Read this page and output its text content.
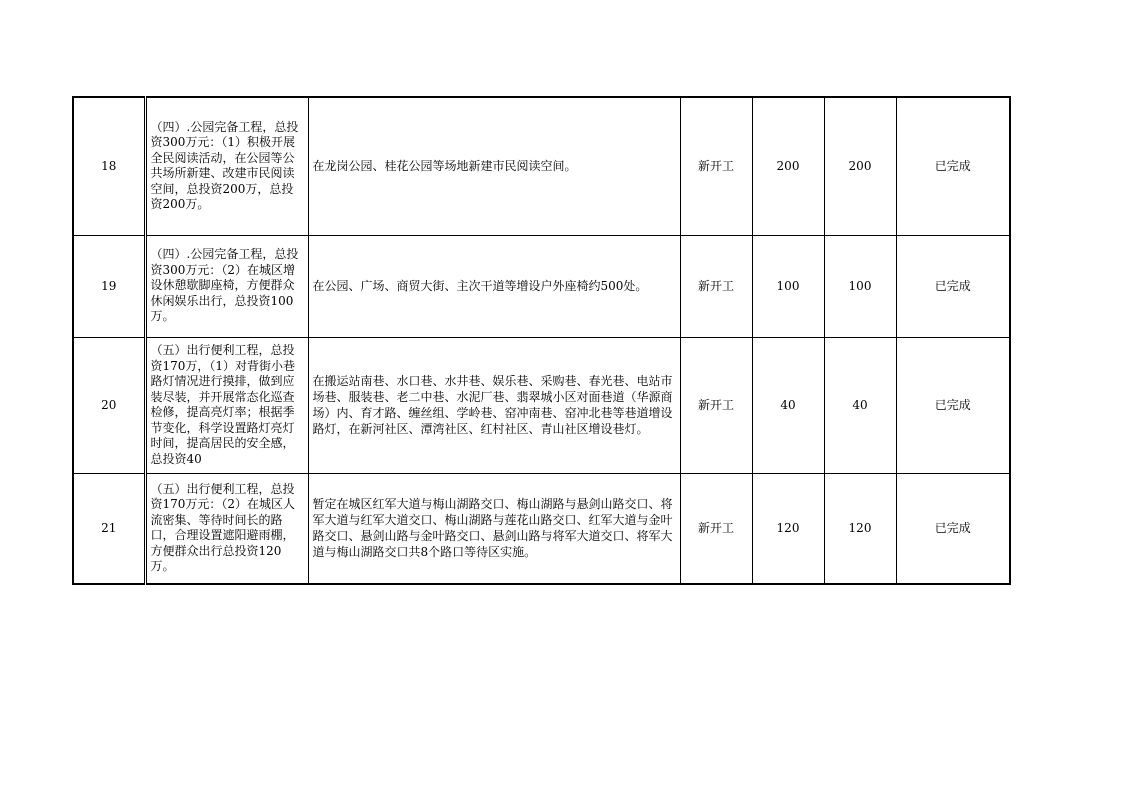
18	（四）.公园完备工程，总投资300万元：（1）积极开展全民阅读活动，在公园等公共场所新建、改建市民阅读空间，总投资200万，总投资200万。	在龙岗公园、桂花公园等场地新建市民阅读空间。	新开工	200	200	已完成
19	（四）.公园完备工程，总投资300万元：（2）在城区增设休憩歇脚座椅，方便群众休闲娱乐出行，总投资100万。	在公园、广场、商贸大街、主次干道等增设户外座椅约500处。	新开工	100	100	已完成
20	（五）出行便利工程，总投资170万，（1）对背街小巷路灯情况进行摸排，做到应装尽装，并开展常态化巡查检修，提高亮灯率；根据季节变化，科学设置路灯亮灯时间，提高居民的安全感，总投资40	在搬运站南巷、水口巷、水井巷、娱乐巷、采购巷、春光巷、电站市场巷、服装巷、老二中巷、水泥厂巷、翡翠城小区对面巷道（华源商场）内、育才路、缠丝组、学岭巷、窑冲南巷、窑冲北巷等巷道增设路灯，在新河社区、潭湾社区、红村社区、青山社区增设巷灯。	新开工	40	40	已完成
21	（五）出行便利工程，总投资170万元：（2）在城区人流密集、等待时间长的路口，合理设置遮阳避雨棚，方便群众出行总投资120万。	暂定在城区红军大道与梅山湖路交口、梅山湖路与悬剑山路交口、将军大道与红军大道交口、梅山湖路与莲花山路交口、红军大道与金叶路交口、悬剑山路与金叶路交口、悬剑山路与将军大道交口、将军大道与梅山湖路交口共8个路口等待区实施。	新开工	120	120	已完成
